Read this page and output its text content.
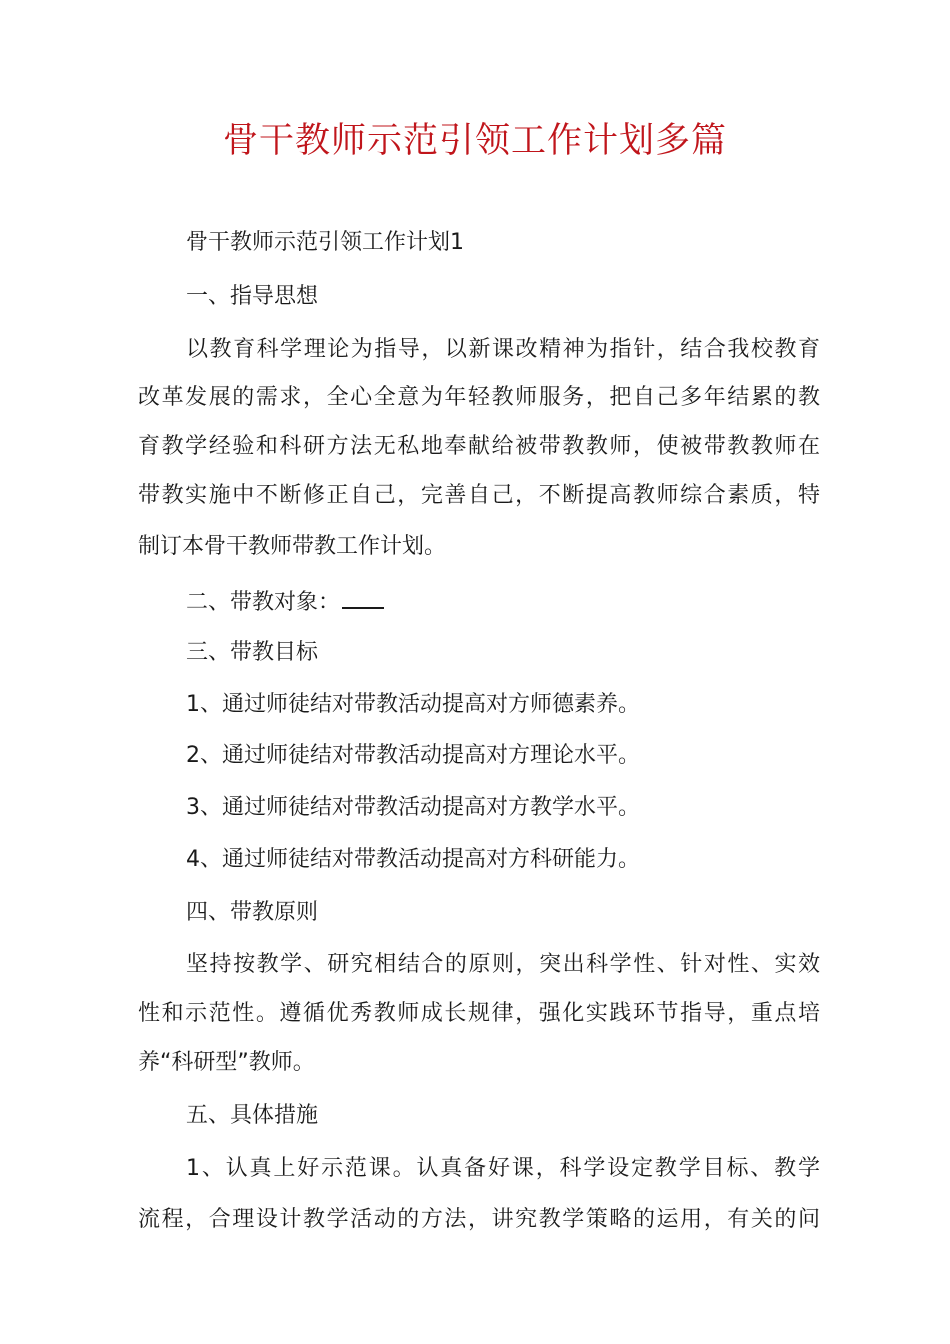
骨干教师示范引领工作计划多篇
骨干教师示范引领工作计划1
一、指导思想
以教育科学理论为指导，以新课改精神为指针，结合我校教育
改革发展的需求，全心全意为年轻教师服务，把自己多年结累的教
育教学经验和科研方法无私地奉献给被带教教师，使被带教教师在
带教实施中不断修正自己，完善自己，不断提高教师综合素质，特
制订本骨干教师带教工作计划。
二、带教对象：
三、带教目标
1、通过师徒结对带教活动提高对方师德素养。
2、通过师徒结对带教活动提高对方理论水平。
3、通过师徒结对带教活动提高对方教学水平。
4、通过师徒结对带教活动提高对方科研能力。
四、带教原则
坚持按教学、研究相结合的原则，突出科学性、针对性、实效
性和示范性。遵循优秀教师成长规律，强化实践环节指导，重点培
养“科研型”教师。
五、具体措施
1、认真上好示范课。认真备好课，科学设定教学目标、教学
流程，合理设计教学活动的方法，讲究教学策略的运用，有关的问
